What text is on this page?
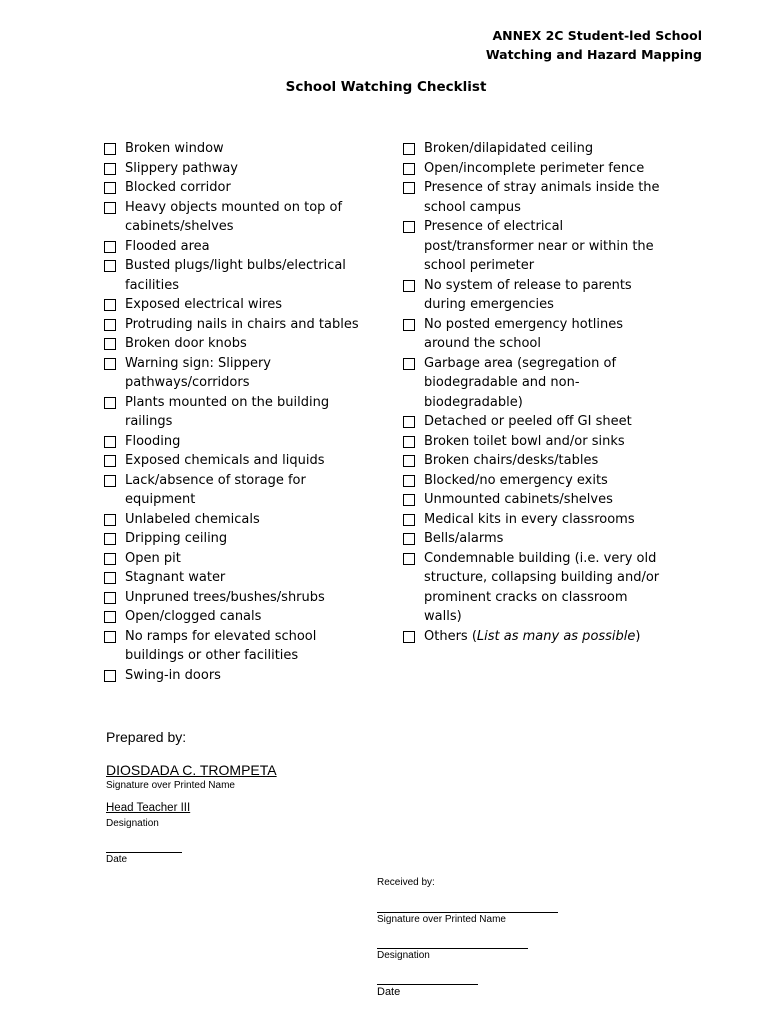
ANNEX 2C Student-led School
Watching and Hazard Mapping
School Watching Checklist
Broken window
Slippery pathway
Blocked corridor
Heavy objects mounted on top of cabinets/shelves
Flooded area
Busted plugs/light bulbs/electrical facilities
Exposed electrical wires
Protruding nails in chairs and tables
Broken door knobs
Warning sign: Slippery pathways/corridors
Plants mounted on the building railings
Flooding
Exposed chemicals and liquids
Lack/absence of storage for equipment
Unlabeled chemicals
Dripping ceiling
Open pit
Stagnant water
Unpruned trees/bushes/shrubs
Open/clogged canals
No ramps for elevated school buildings or other facilities
Swing-in doors
Broken/dilapidated ceiling
Open/incomplete perimeter fence
Presence of stray animals inside the school campus
Presence of electrical post/transformer near or within the school perimeter
No system of release to parents during emergencies
No posted emergency hotlines around the school
Garbage area (segregation of biodegradable and non-biodegradable)
Detached or peeled off GI sheet
Broken toilet bowl and/or sinks
Broken chairs/desks/tables
Blocked/no emergency exits
Unmounted cabinets/shelves
Medical kits in every classrooms
Bells/alarms
Condemnable building (i.e. very old structure, collapsing building and/or prominent cracks on classroom walls)
Others (List as many as possible)
Prepared by:
DIOSDADA C. TROMPETA
Signature over Printed Name
Head Teacher III
Designation
Date
Received by:
Signature over Printed Name
Designation
Date
